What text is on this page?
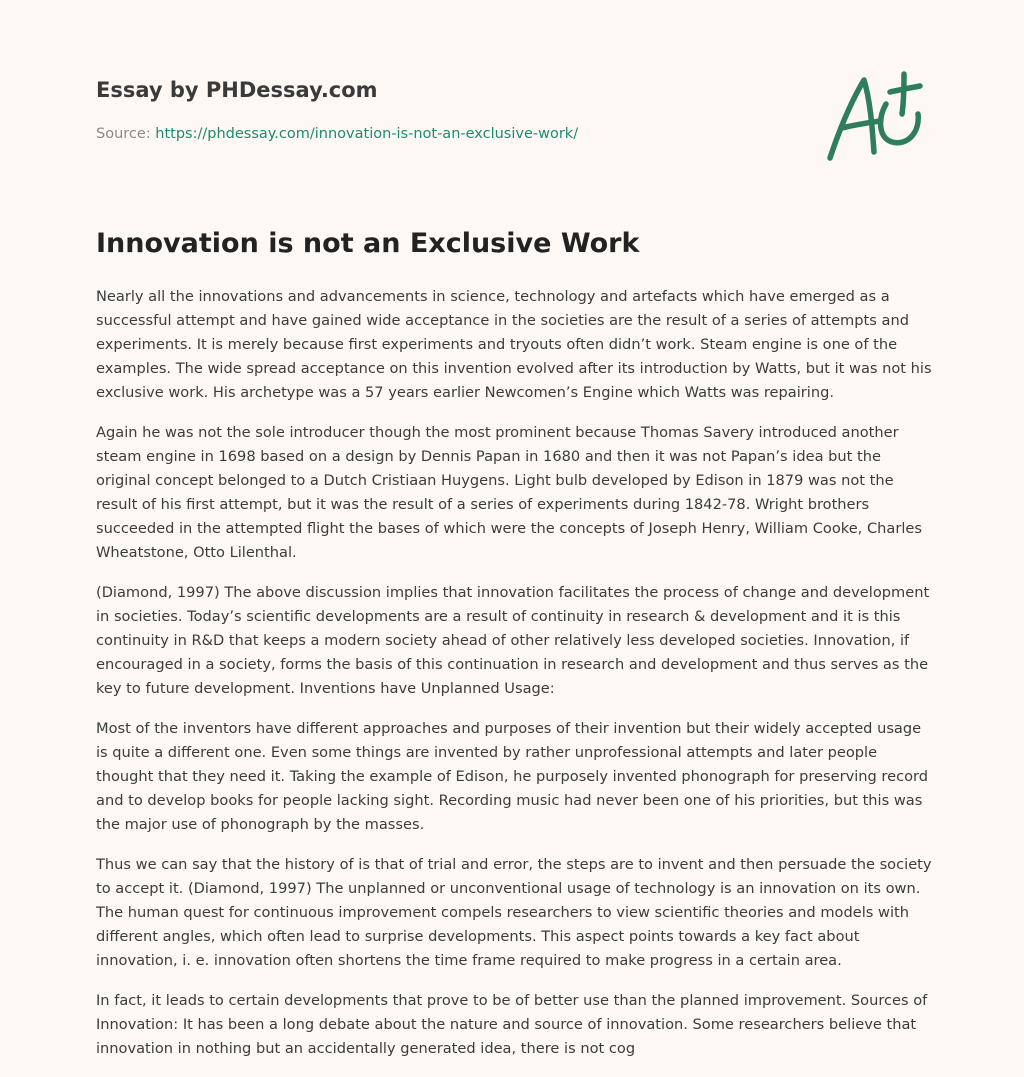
Essay by PHDessay.com

Source: https://phdessay.com/innovation-is-not-an-exclusive-work/

Innovation is not an Exclusive Work

Nearly all the innovations and advancements in science, technology and artefacts which have emerged as a successful attempt and have gained wide acceptance in the societies are the result of a series of attempts and experiments. It is merely because first experiments and tryouts often didn’t work. Steam engine is one of the examples. The wide spread acceptance on this invention evolved after its introduction by Watts, but it was not his exclusive work. His archetype was a 57 years earlier Newcomen’s Engine which Watts was repairing.

Again he was not the sole introducer though the most prominent because Thomas Savery introduced another steam engine in 1698 based on a design by Dennis Papan in 1680 and then it was not Papan’s idea but the original concept belonged to a Dutch Cristiaan Huygens. Light bulb developed by Edison in 1879 was not the result of his first attempt, but it was the result of a series of experiments during 1842-78. Wright brothers succeeded in the attempted flight the bases of which were the concepts of Joseph Henry, William Cooke, Charles Wheatstone, Otto Lilenthal.

(Diamond, 1997) The above discussion implies that innovation facilitates the process of change and development in societies. Today’s scientific developments are a result of continuity in research & development and it is this continuity in R&D that keeps a modern society ahead of other relatively less developed societies. Innovation, if encouraged in a society, forms the basis of this continuation in research and development and thus serves as the key to future development. Inventions have Unplanned Usage:

Most of the inventors have different approaches and purposes of their invention but their widely accepted usage is quite a different one. Even some things are invented by rather unprofessional attempts and later people thought that they need it. Taking the example of Edison, he purposely invented phonograph for preserving record and to develop books for people lacking sight. Recording music had never been one of his priorities, but this was the major use of phonograph by the masses.

Thus we can say that the history of is that of trial and error, the steps are to invent and then persuade the society to accept it. (Diamond, 1997) The unplanned or unconventional usage of technology is an innovation on its own. The human quest for continuous improvement compels researchers to view scientific theories and models with different angles, which often lead to surprise developments. This aspect points towards a key fact about innovation, i. e. innovation often shortens the time frame required to make progress in a certain area.

In fact, it leads to certain developments that prove to be of better use than the planned improvement. Sources of Innovation: It has been a long debate about the nature and source of innovation. Some researchers believe that innovation in nothing but an accidentally generated idea, there is not cog
